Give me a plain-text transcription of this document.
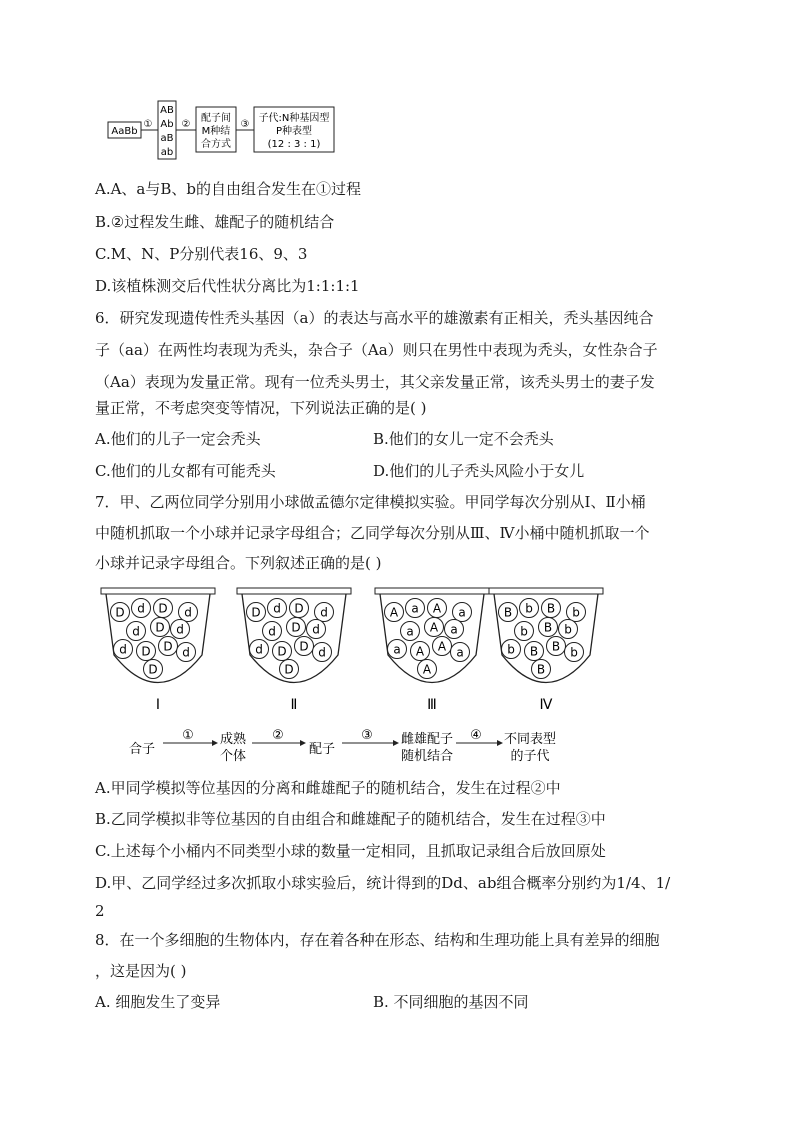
AaBb
①
AB
Ab
aB
ab
②
配子间
M种结
合方式
③
子代:N种基因型
P种表型
(12 : 3 : 1)
A.A、a与B、b的自由组合发生在①过程
B.②过程发生雌、雄配子的随机结合
C.M、N、P分别代表16、9、3
D.该植株测交后代性状分离比为1:1:1:1
6．研究发现遗传性秃头基因（a）的表达与高水平的雄激素有正相关，秃头基因纯合
子（aa）在两性均表现为秃头，杂合子（Aa）则只在男性中表现为秃头，女性杂合子
（Aa）表现为发量正常。现有一位秃头男士，其父亲发量正常，该秃头男士的妻子发
量正常，不考虑突变等情况，下列说法正确的是( )
A.他们的儿子一定会秃头	B.他们的女儿一定不会秃头
C.他们的儿女都有可能秃头	D.他们的儿子秃头风险小于女儿
7．甲、乙两位同学分别用小球做孟德尔定律模拟实验。甲同学每次分别从Ⅰ、Ⅱ小桶
中随机抓取一个小球并记录字母组合；乙同学每次分别从Ⅲ、Ⅳ小桶中随机抓取一个
小球并记录字母组合。下列叙述正确的是( )
D d D d
d D d
d D D d
D
Ⅰ
D d D d
d D d
d D D d
D
Ⅱ
A a A a
a A a
a A A a
A
Ⅲ
B b B b
b B b
b B B b
B
Ⅳ
合子
① 成熟
个体
②
配子
③ 雌雄配子
随机结合
④ 不同表型
的子代
A.甲同学模拟等位基因的分离和雌雄配子的随机结合，发生在过程②中
B.乙同学模拟非等位基因的自由组合和雌雄配子的随机结合，发生在过程③中
C.上述每个小桶内不同类型小球的数量一定相同，且抓取记录组合后放回原处
D.甲、乙同学经过多次抓取小球实验后，统计得到的Dd、ab组合概率分别约为1/4、1/
2
8．在一个多细胞的生物体内，存在着各种在形态、结构和生理功能上具有差异的细胞
，这是因为( )
A. 细胞发生了变异	B. 不同细胞的基因不同
